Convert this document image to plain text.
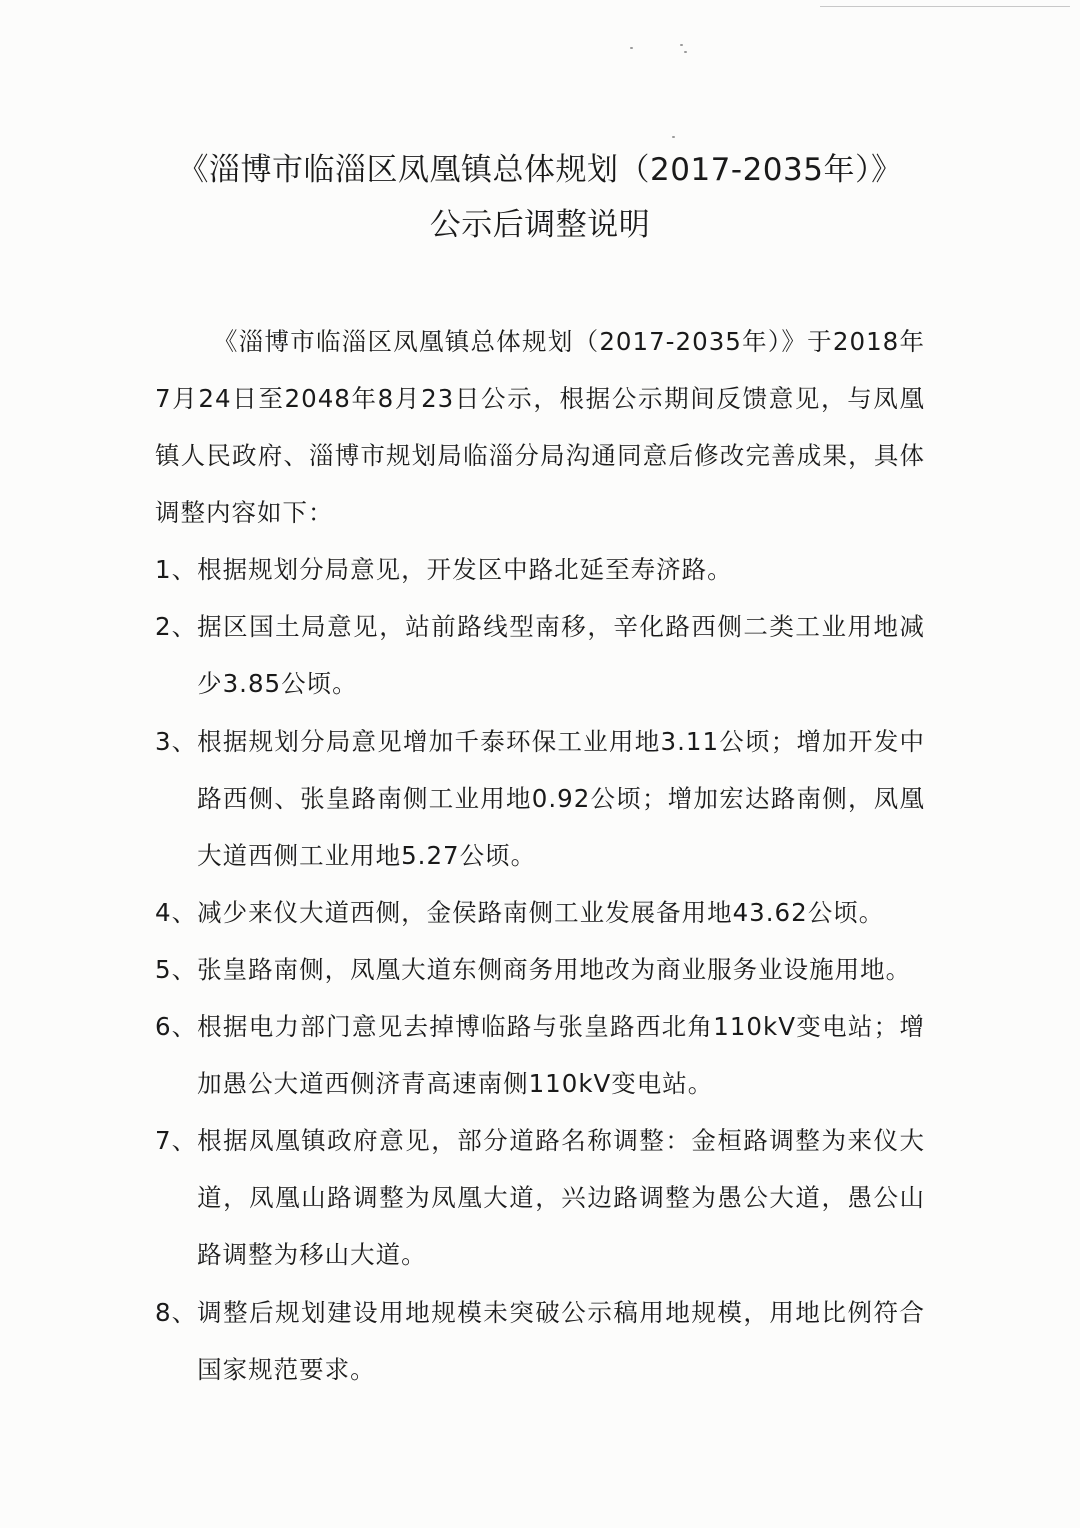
《淄博市临淄区凤凰镇总体规划（2017-2035年）》
公示后调整说明

《淄博市临淄区凤凰镇总体规划（2017-2035年）》于2018年7月24日至2048年8月23日公示，根据公示期间反馈意见，与凤凰镇人民政府、淄博市规划局临淄分局沟通同意后修改完善成果，具体调整内容如下：

1、 根据规划分局意见，开发区中路北延至寿济路。
2、 据区国土局意见，站前路线型南移，辛化路西侧二类工业用地减少3.85公顷。
3、 根据规划分局意见增加千泰环保工业用地3.11公顷；增加开发中路西侧、张皇路南侧工业用地0.92公顷；增加宏达路南侧，凤凰大道西侧工业用地5.27公顷。
4、 减少来仪大道西侧，金侯路南侧工业发展备用地43.62公顷。
5、 张皇路南侧，凤凰大道东侧商务用地改为商业服务业设施用地。
6、 根据电力部门意见去掉博临路与张皇路西北角110kV变电站；增加愚公大道西侧济青高速南侧110kV变电站。
7、 根据凤凰镇政府意见，部分道路名称调整：金桓路调整为来仪大道，凤凰山路调整为凤凰大道，兴边路调整为愚公大道，愚公山路调整为移山大道。
8、 调整后规划建设用地规模未突破公示稿用地规模，用地比例符合国家规范要求。
